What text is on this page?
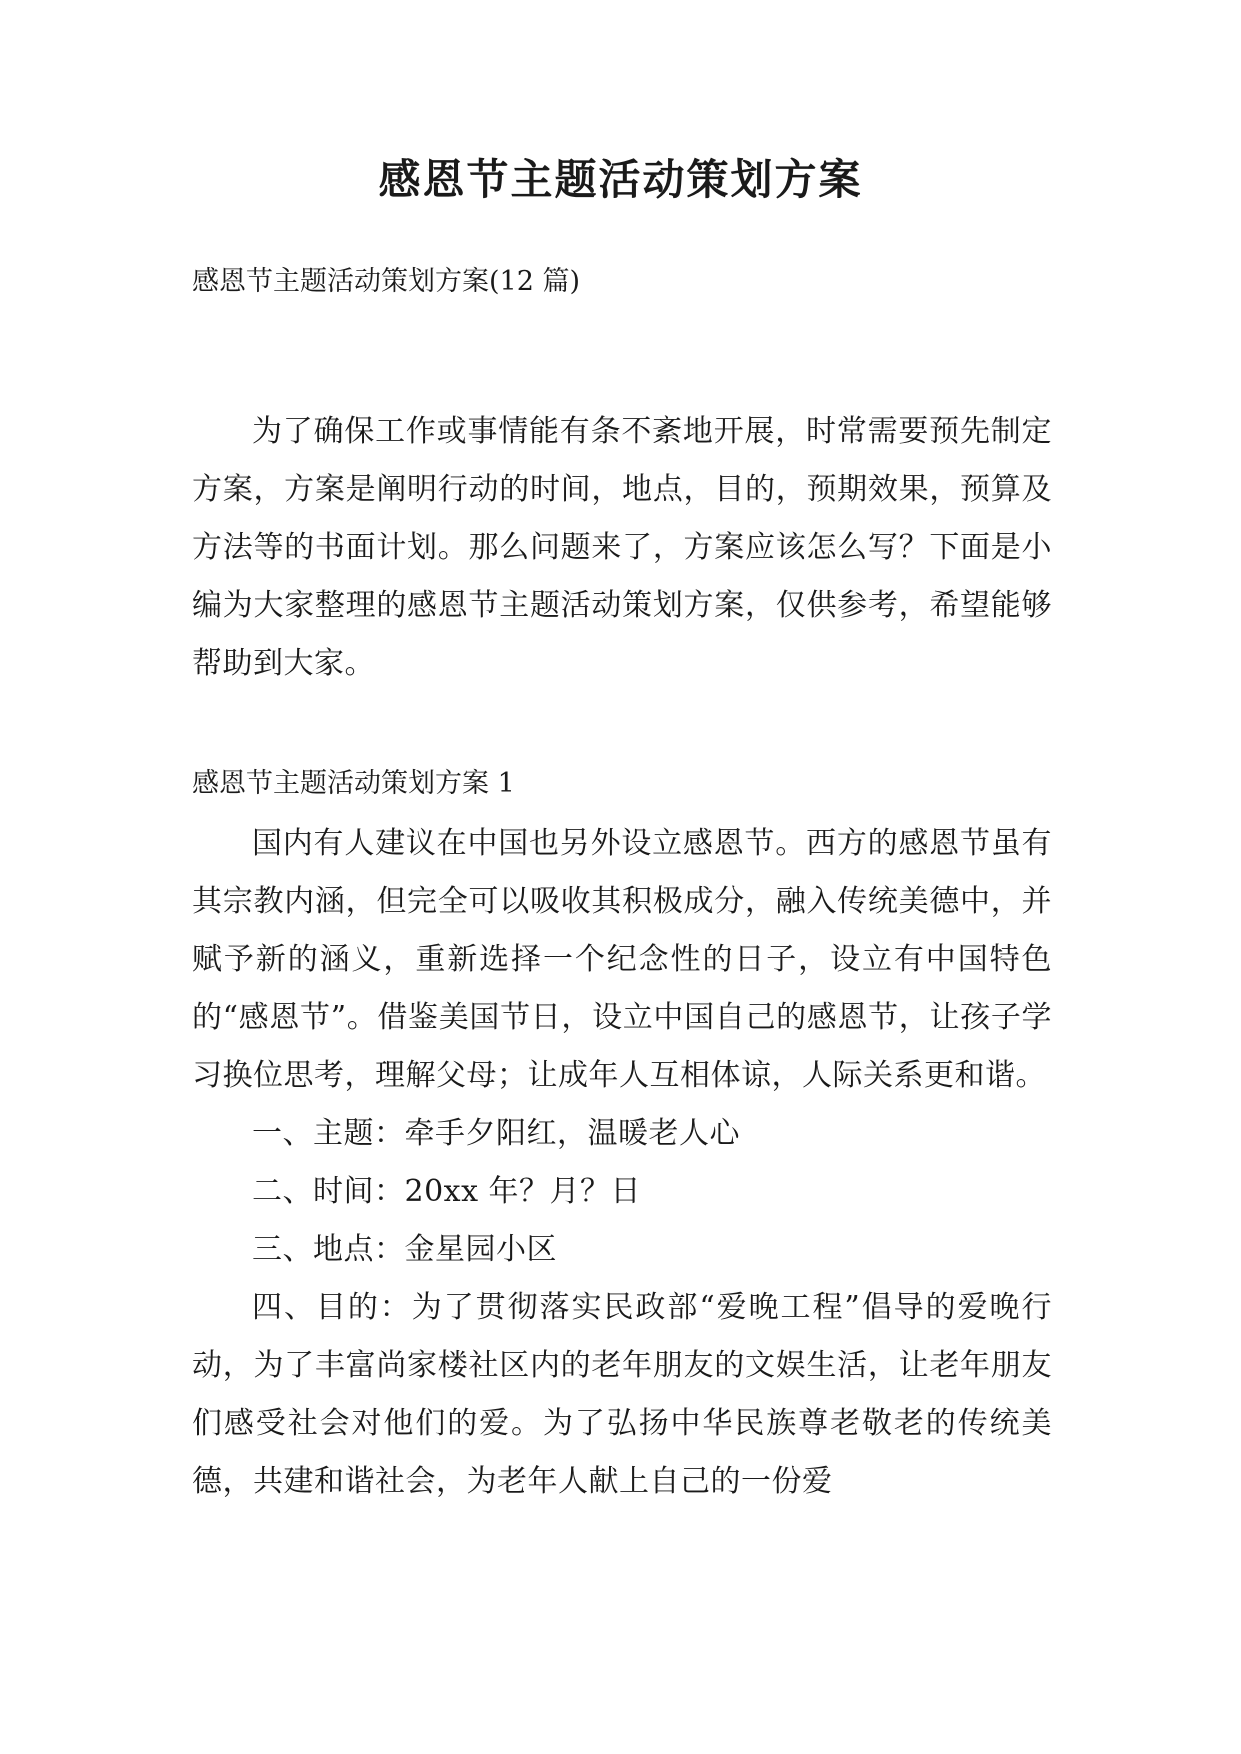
感恩节主题活动策划方案
感恩节主题活动策划方案(12 篇)

为了确保工作或事情能有条不紊地开展，时常需要预先制定方案，方案是阐明行动的时间，地点，目的，预期效果，预算及方法等的书面计划。那么问题来了，方案应该怎么写？下面是小编为大家整理的感恩节主题活动策划方案，仅供参考，希望能够帮助到大家。

感恩节主题活动策划方案 1

国内有人建议在中国也另外设立感恩节。西方的感恩节虽有其宗教内涵，但完全可以吸收其积极成分，融入传统美德中，并赋予新的涵义，重新选择一个纪念性的日子，设立有中国特色的“感恩节”。借鉴美国节日，设立中国自己的感恩节，让孩子学习换位思考，理解父母；让成年人互相体谅，人际关系更和谐。

一、主题：牵手夕阳红，温暖老人心

二、时间：20xx 年？月？日

三、地点：金星园小区

四、目的：为了贯彻落实民政部“爱晚工程”倡导的爱晚行动，为了丰富尚家楼社区内的老年朋友的文娱生活，让老年朋友们感受社会对他们的爱。为了弘扬中华民族尊老敬老的传统美德，共建和谐社会，为老年人献上自己的一份爱
